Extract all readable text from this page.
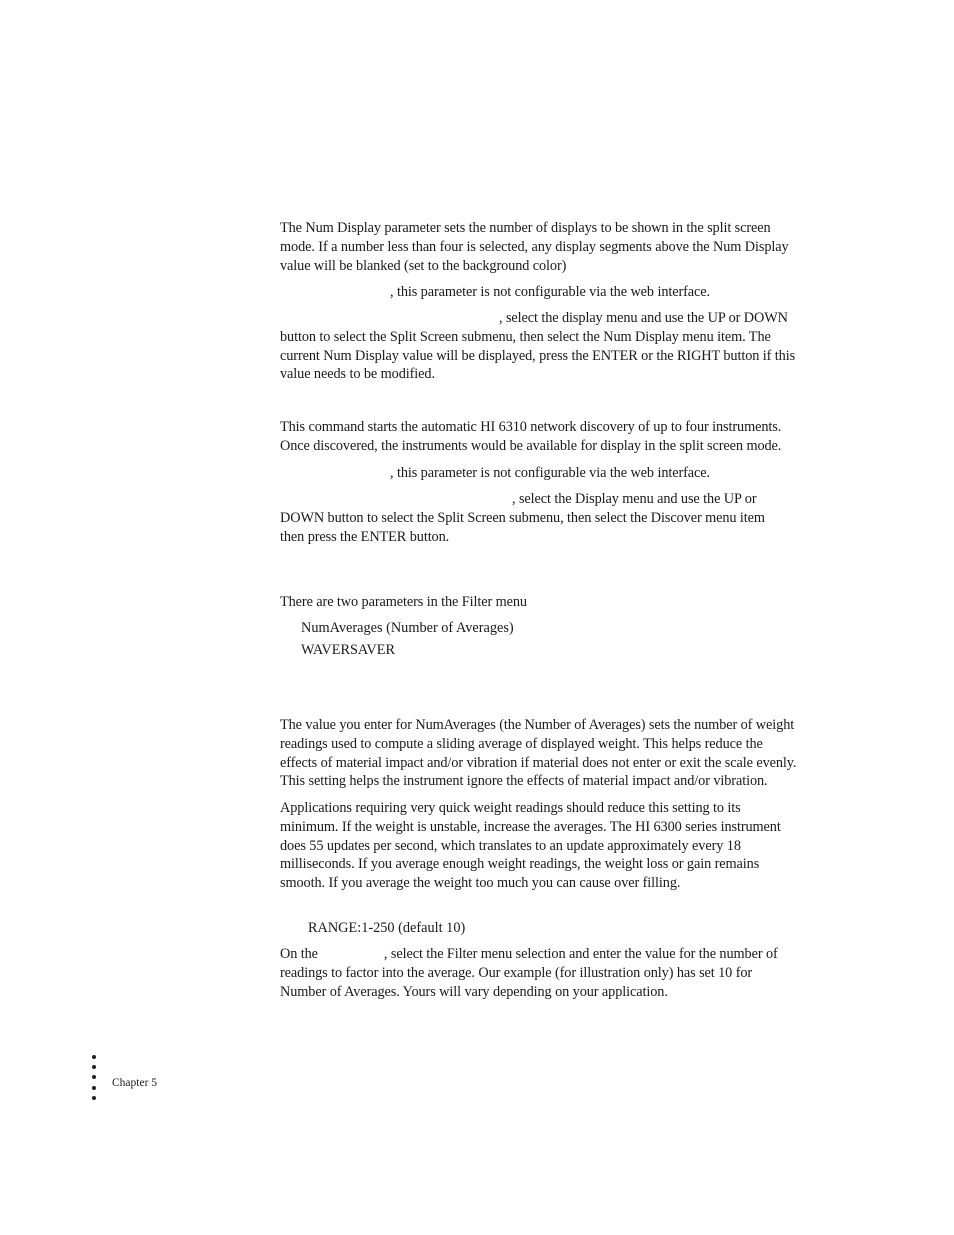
The Num Display parameter sets the number of displays to be shown in the split screen
mode. If a number less than four is selected, any display segments above the Num Display
value will be blanked (set to the background color)

, this parameter is not configurable via the web interface.

, select the display menu and use the UP or DOWN
button to select the Split Screen submenu, then select the Num Display menu item. The
current Num Display value will be displayed, press the ENTER or the RIGHT button if this
value needs to be modified.

This command starts the automatic HI 6310 network discovery of up to four instruments.
Once discovered, the instruments would be available for display in the split screen mode.

, this parameter is not configurable via the web interface.

, select the Display menu and use the UP or
DOWN button to select the Split Screen submenu, then select the Discover menu item
then press the ENTER button.

There are two parameters in the Filter menu

NumAverages (Number of Averages)
WAVERSAVER

The value you enter for NumAverages (the Number of Averages) sets the number of weight
readings used to compute a sliding average of displayed weight. This helps reduce the
effects of material impact and/or vibration if material does not enter or exit the scale evenly.
This setting helps the instrument ignore the effects of material impact and/or vibration.

Applications requiring very quick weight readings should reduce this setting to its
minimum. If the weight is unstable, increase the averages. The HI 6300 series instrument
does 55 updates per second, which translates to an update approximately every 18
milliseconds. If you average enough weight readings, the weight loss or gain remains
smooth. If you average the weight too much you can cause over filling.

RANGE:1-250 (default 10)

On the	, select the Filter menu selection and enter the value for the number of
readings to factor into the average. Our example (for illustration only) has set 10 for
Number of Averages. Yours will vary depending on your application.

Chapter 5
